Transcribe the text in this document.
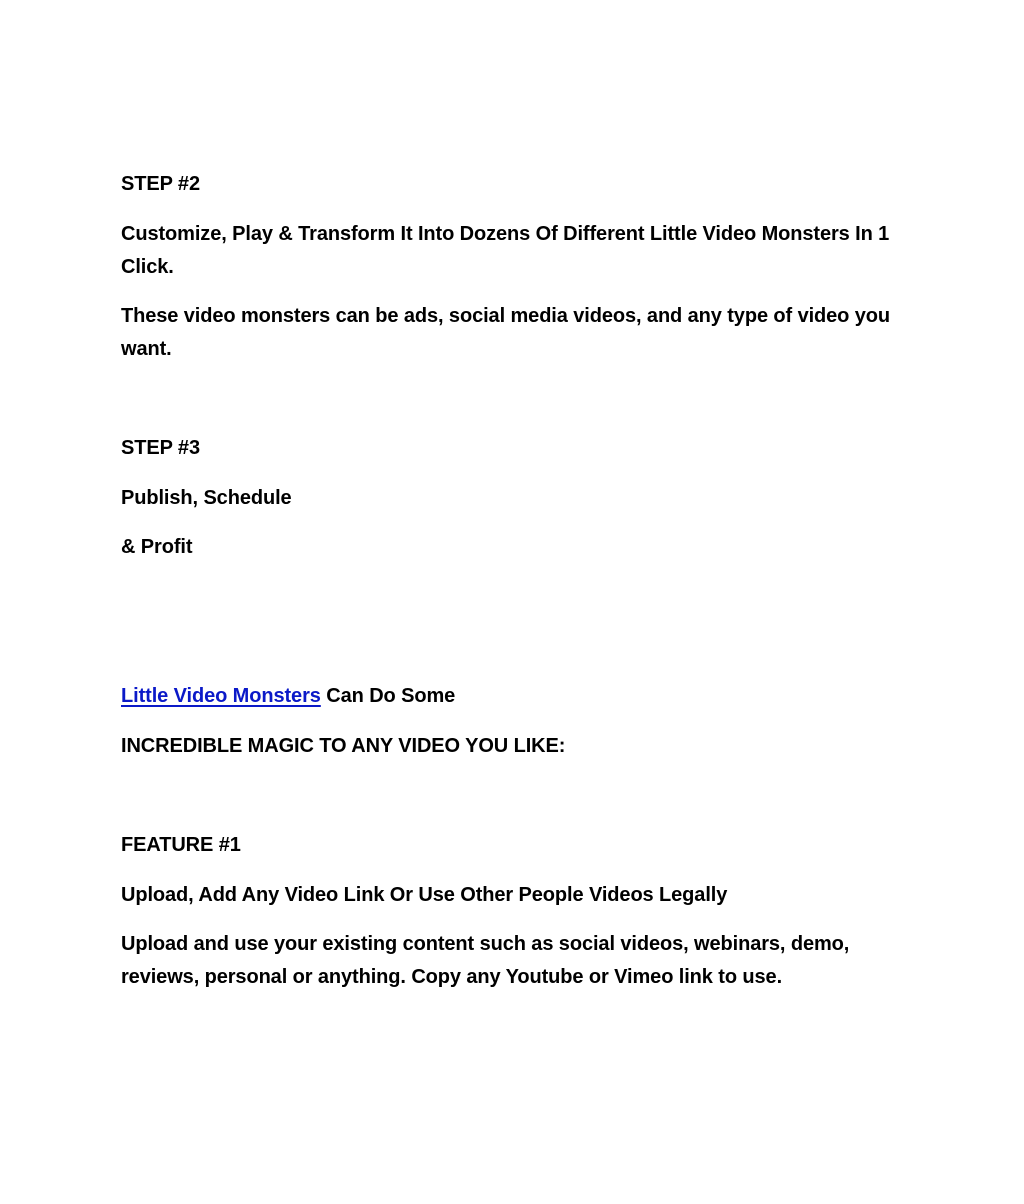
STEP #2

Customize, Play & Transform It Into Dozens Of Different Little Video Monsters In 1 Click.

These video monsters can be ads, social media videos, and any type of video you want.

STEP #3

Publish, Schedule

& Profit

Little Video Monsters Can Do Some

INCREDIBLE MAGIC TO ANY VIDEO YOU LIKE:

FEATURE #1

Upload, Add Any Video Link Or Use Other People Videos Legally

Upload and use your existing content such as social videos, webinars, demo, reviews, personal or anything. Copy any Youtube or Vimeo link to use.
